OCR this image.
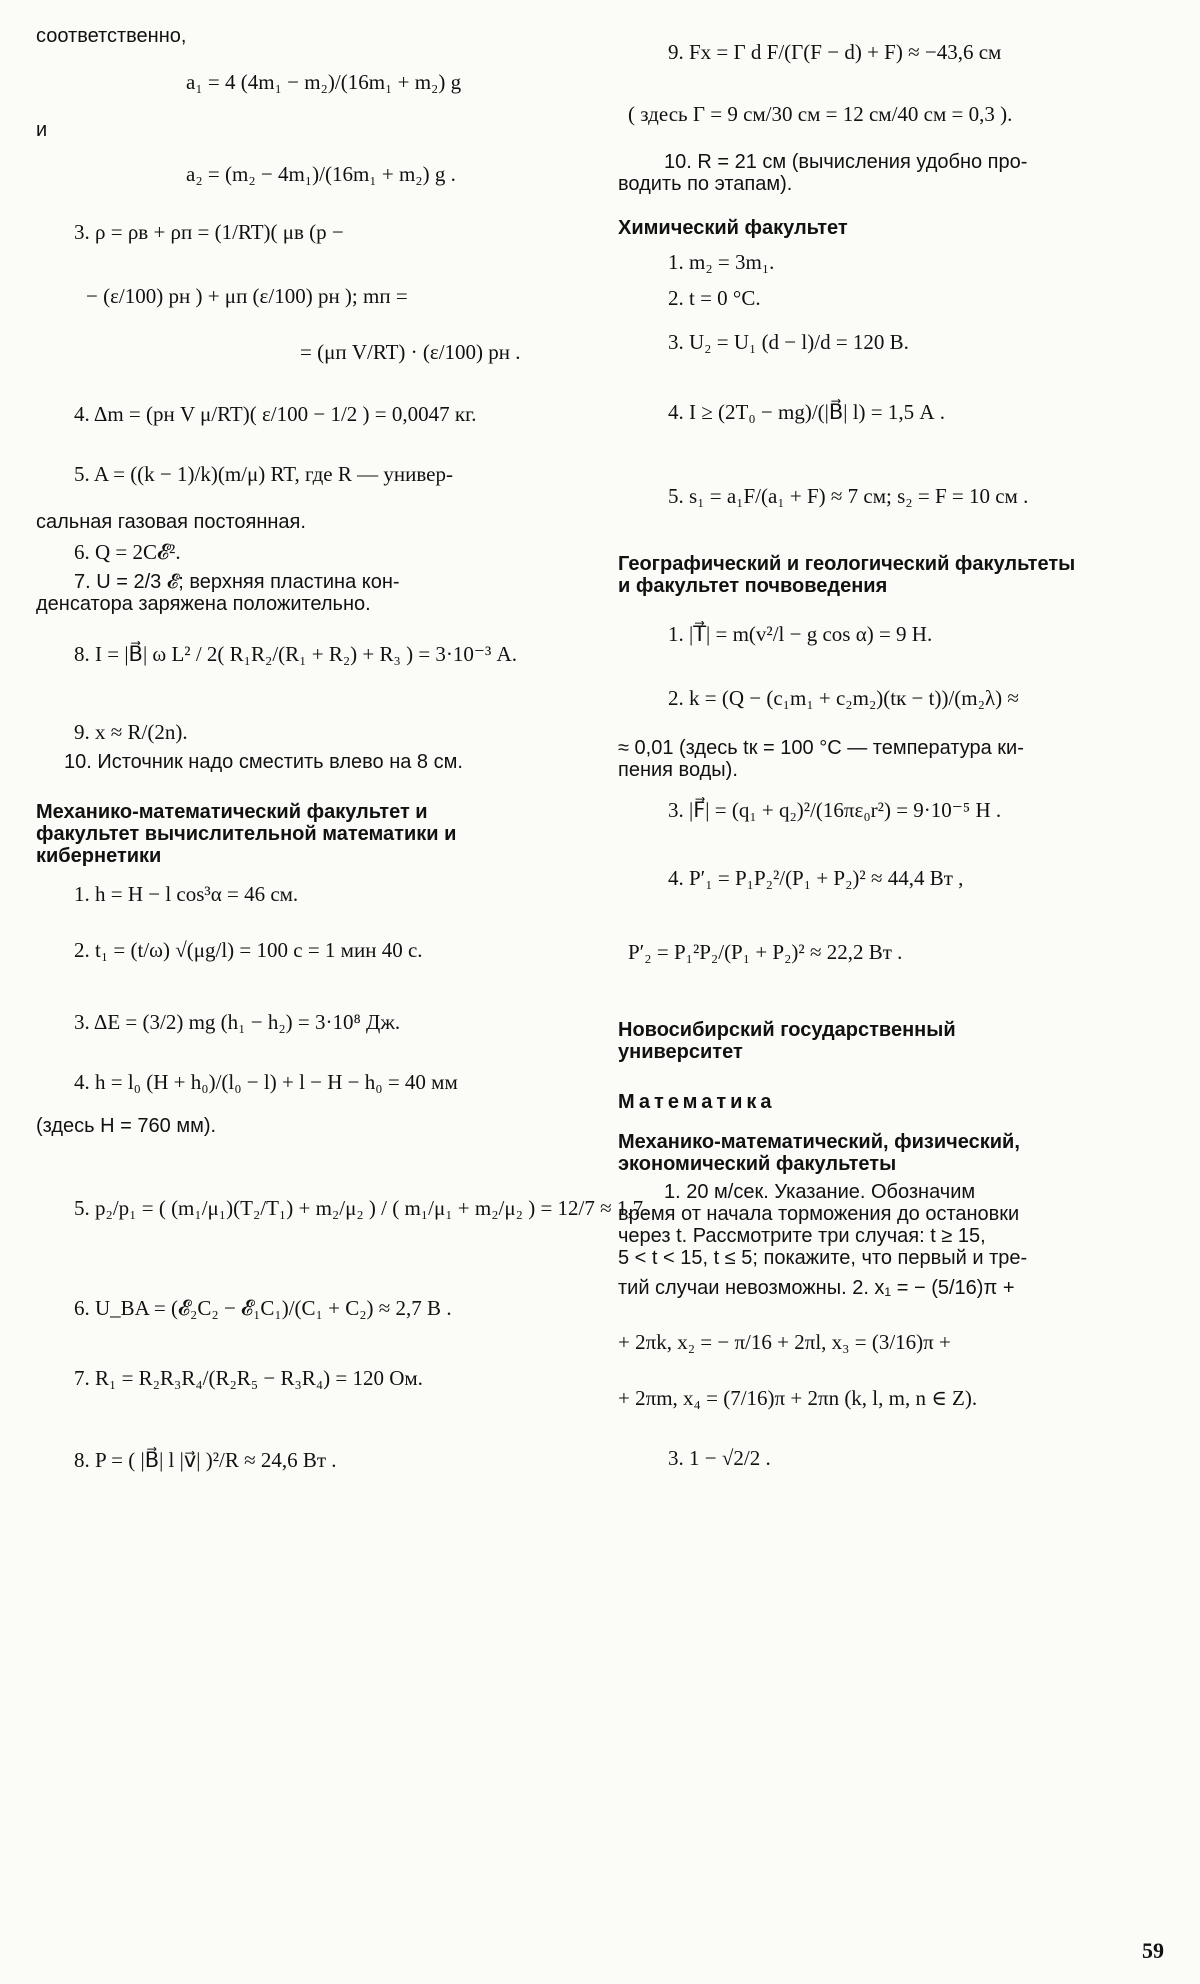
соответственно,
a₁ = 4 (4m₁ − m₂)/(16m₁ + m₂) g
и
a₂ = (m₂ − 4m₁)/(16m₁ + m₂) g .
3. ρ = ρв + ρп = (1/RT)( μв (p −
− (ε/100) pн ) + μп (ε/100) pн ); mп =
= (μп V/RT) · (ε/100) pн .
4. Δm = (pн V μ/RT)( ε/100 − 1/2 ) = 0,0047 кг.
5. A = ((k − 1)/k)(m/μ) RT, где R — универ-
сальная газовая постоянная.
6. Q = 2C𝓔².
7. U = 2/3 𝓔; верхняя пластина кон-
денсатора заряжена положительно.
8. I = |B⃗| ω L² / 2( R₁R₂/(R₁ + R₂) + R₃ ) = 3·10⁻³ А.
9. x ≈ R/(2n).
10. Источник надо сместить влево на 8 см.
Механико-математический факультет и
факультет вычислительной математики и
кибернетики
1. h = H − l cos³α = 46 см.
2. t₁ = (t/ω) √(μg/l) = 100 с = 1 мин 40 с.
3. ΔE = (3/2) mg (h₁ − h₂) = 3·10⁸ Дж.
4. h = l₀ (H + h₀)/(l₀ − l) + l − H − h₀ = 40 мм
(здесь H = 760 мм).
5. p₂/p₁ = ( (m₁/μ₁)(T₂/T₁) + m₂/μ₂ ) / ( m₁/μ₁ + m₂/μ₂ ) = 12/7 ≈ 1,7.
6. U_BA = (𝓔₂C₂ − 𝓔₁C₁)/(C₁ + C₂) ≈ 2,7 В .
7. R₁ = R₂R₃R₄/(R₂R₅ − R₃R₄) = 120 Ом.
8. P = ( |B⃗| l |v⃗| )²/R ≈ 24,6 Вт .
9. Fx = Γ d F/(Γ(F − d) + F) ≈ −43,6 см
( здесь Γ = 9 см/30 см = 12 см/40 см = 0,3 ).
10. R = 21 см (вычисления удобно про-
водить по этапам).
Химический факультет
1. m₂ = 3m₁.
2. t = 0 °C.
3. U₂ = U₁ (d − l)/d = 120 В.
4. I ≥ (2T₀ − mg)/(|B⃗| l) = 1,5 А .
5. s₁ = a₁F/(a₁ + F) ≈ 7 см; s₂ = F = 10 см .
Географический и геологический факультеты
и факультет почвоведения
1. |T⃗| = m(v²/l − g cos α) = 9 Н.
2. k = (Q − (c₁m₁ + c₂m₂)(tк − t))/(m₂λ) ≈
≈ 0,01 (здесь tк = 100 °C — температура ки-
пения воды).
3. |F⃗| = (q₁ + q₂)²/(16πε₀r²) = 9·10⁻⁵ Н .
4. P′₁ = P₁P₂²/(P₁ + P₂)² ≈ 44,4 Вт ,
P′₂ = P₁²P₂/(P₁ + P₂)² ≈ 22,2 Вт .
Новосибирский государственный
университет
Математика
Механико-математический, физический,
экономический факультеты
1. 20 м/сек. Указание. Обозначим
время от начала торможения до остановки
через t. Рассмотрите три случая: t ≥ 15,
5 < t < 15, t ≤ 5; покажите, что первый и тре-
тий случаи невозможны. 2. x₁ = − (5/16)π +
+ 2πk, x₂ = − π/16 + 2πl, x₃ = (3/16)π +
+ 2πm, x₄ = (7/16)π + 2πn (k, l, m, n ∈ Z).
3. 1 − √2/2 .
59
